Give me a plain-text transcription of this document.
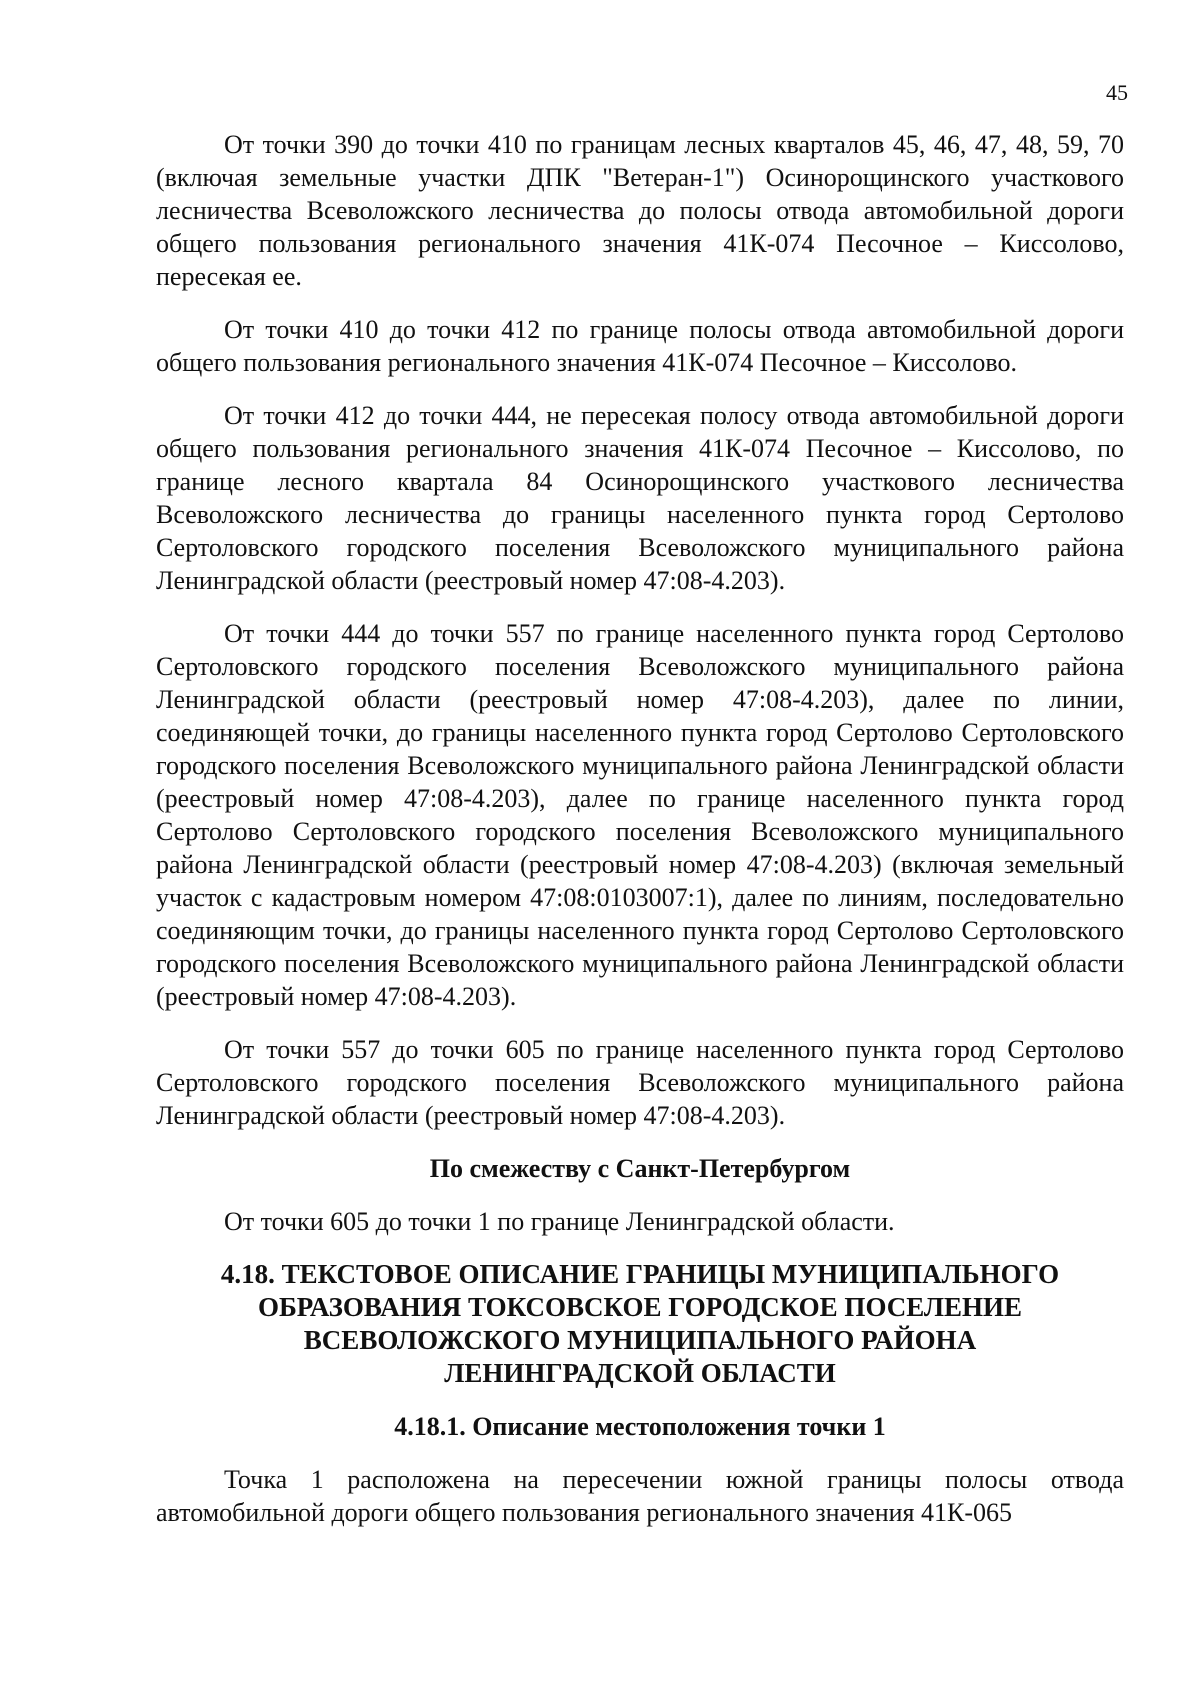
45

От точки 390 до точки 410 по границам лесных кварталов 45, 46, 47, 48, 59, 70 (включая земельные участки ДПК "Ветеран-1") Осинорощинского участкового лесничества Всеволожского лесничества до полосы отвода автомобильной дороги общего пользования регионального значения 41К-074 Песочное – Киссолово, пересекая ее.

От точки 410 до точки 412 по границе полосы отвода автомобильной дороги общего пользования регионального значения 41К-074 Песочное – Киссолово.

От точки 412 до точки 444, не пересекая полосу отвода автомобильной дороги общего пользования регионального значения 41К-074 Песочное – Киссолово, по границе лесного квартала 84 Осинорощинского участкового лесничества Всеволожского лесничества до границы населенного пункта город Сертолово Сертоловского городского поселения Всеволожского муниципального района Ленинградской области (реестровый номер 47:08-4.203).

От точки 444 до точки 557 по границе населенного пункта город Сертолово Сертоловского городского поселения Всеволожского муниципального района Ленинградской области (реестровый номер 47:08-4.203), далее по линии, соединяющей точки, до границы населенного пункта город Сертолово Сертоловского городского поселения Всеволожского муниципального района Ленинградской области (реестровый номер 47:08-4.203), далее по границе населенного пункта город Сертолово Сертоловского городского поселения Всеволожского муниципального района Ленинградской области (реестровый номер 47:08-4.203) (включая земельный участок с кадастровым номером 47:08:0103007:1), далее по линиям, последовательно соединяющим точки, до границы населенного пункта город Сертолово Сертоловского городского поселения Всеволожского муниципального района Ленинградской области (реестровый номер 47:08-4.203).

От точки 557 до точки 605 по границе населенного пункта город Сертолово Сертоловского городского поселения Всеволожского муниципального района Ленинградской области (реестровый номер 47:08-4.203).

По смежеству с Санкт-Петербургом

От точки 605 до точки 1 по границе Ленинградской области.

4.18. ТЕКСТОВОЕ ОПИСАНИЕ ГРАНИЦЫ МУНИЦИПАЛЬНОГО
ОБРАЗОВАНИЯ ТОКСОВСКОЕ ГОРОДСКОЕ ПОСЕЛЕНИЕ
ВСЕВОЛОЖСКОГО МУНИЦИПАЛЬНОГО РАЙОНА
ЛЕНИНГРАДСКОЙ ОБЛАСТИ
4.18.1. Описание местоположения точки 1

Точка 1 расположена на пересечении южной границы полосы отвода автомобильной дороги общего пользования регионального значения 41К-065
